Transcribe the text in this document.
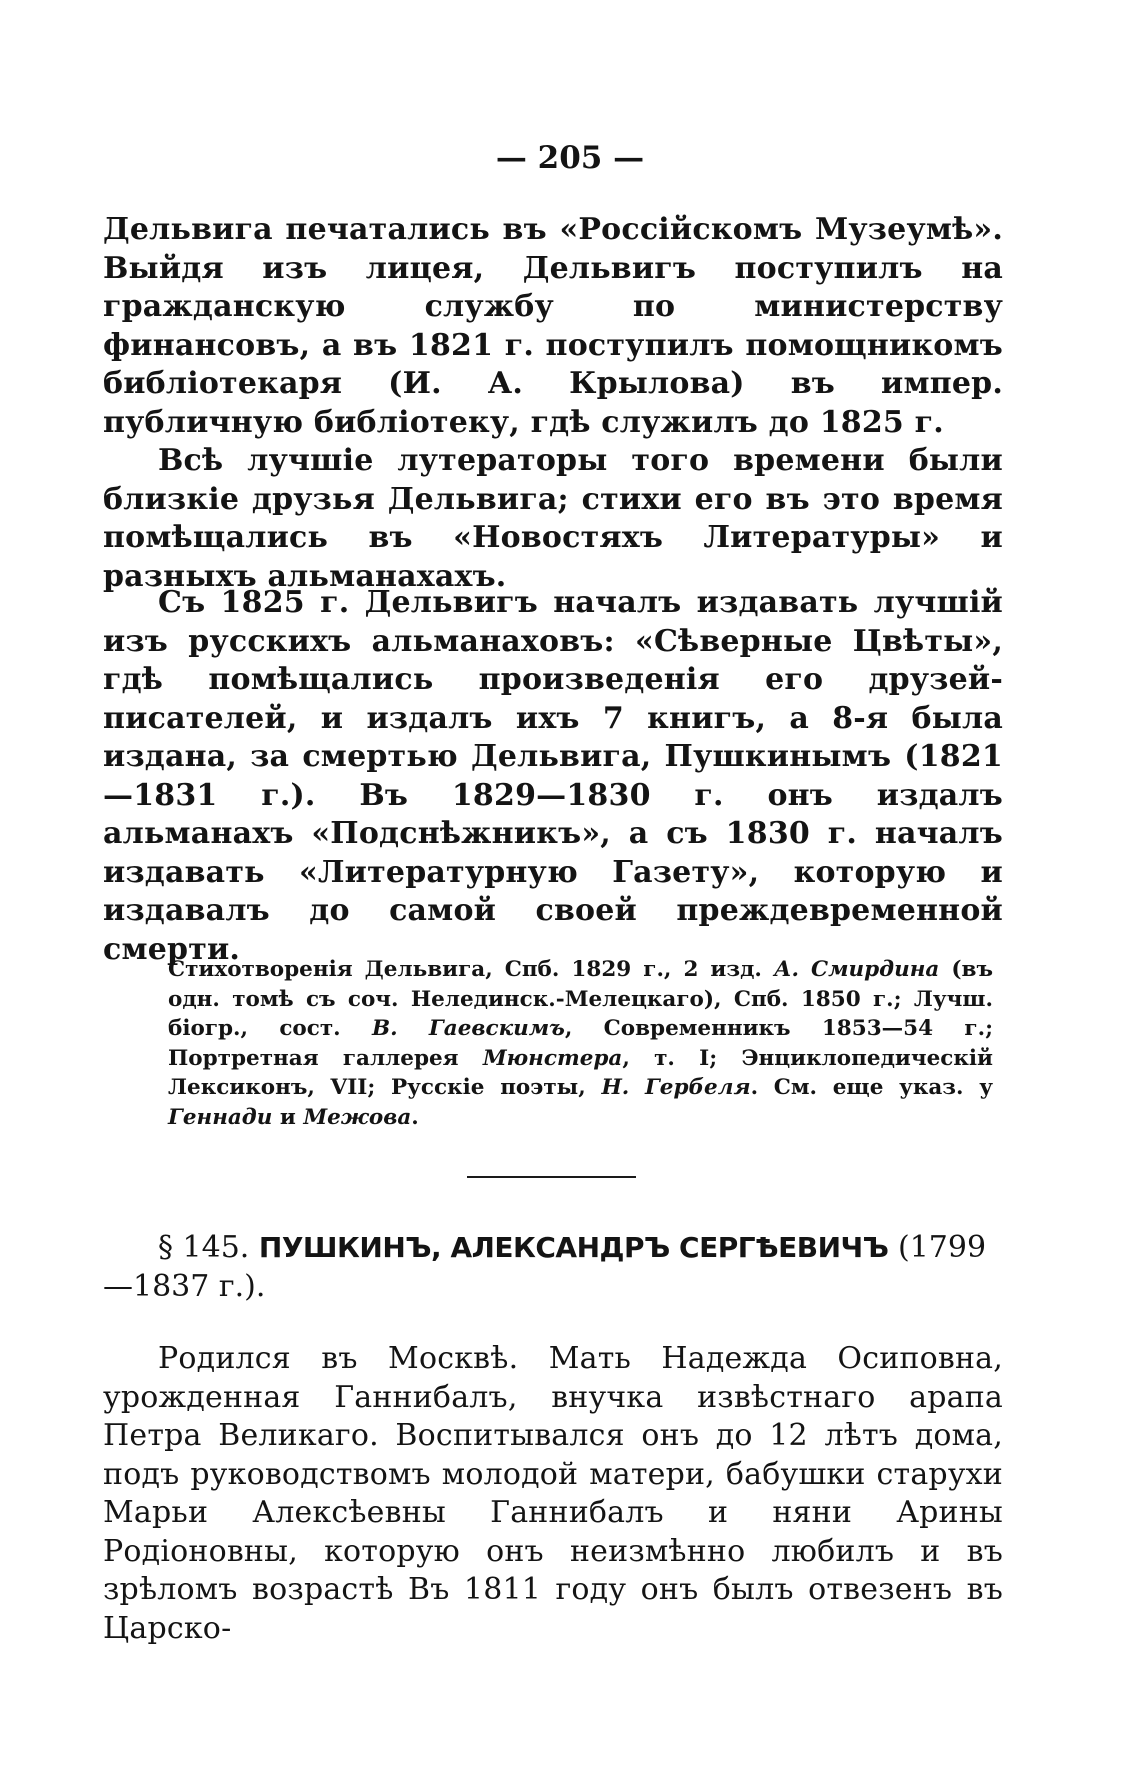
— 205 —

Дельвига печатались въ «Россійскомъ Музеумѣ». Выйдя изъ лицея, Дельвигъ поступилъ на гражданскую службу по министерству финансовъ, а въ 1821 г. поступилъ помощникомъ библіотекаря (И. А. Крылова) въ импер. публичную библіотеку, гдѣ служилъ до 1825 г.

Всѣ лучшіе лутераторы того времени были близкіе друзья Дельвига; стихи его въ это время помѣщались въ «Новостяхъ Литературы» и разныхъ альманахахъ.

Съ 1825 г. Дельвигъ началъ издавать лучшій изъ русскихъ альманаховъ: «Сѣверные Цвѣты», гдѣ помѣщались произведенія его друзей-писателей, и издалъ ихъ 7 книгъ, а 8-я была издана, за смертью Дельвига, Пушкинымъ (1821—1831 г.). Въ 1829—1830 г. онъ издалъ альманахъ «Подснѣжникъ», а съ 1830 г. началъ издавать «Литературную Газету», которую и издавалъ до самой своей преждевременной смерти.

Стихотворенія Дельвига, Спб. 1829 г., 2 изд. А. Смирдина (въ одн. томѣ съ соч. Нелединск.-Мелецкаго), Спб. 1850 г.; Лучш. біогр., сост. В. Гаевскимъ, Современникъ 1853—54 г.; Портретная галлерея Мюнстера, т. I; Энциклопедическій Лексиконъ, VII; Русскіе поэты, Н. Гербеля. См. еще указ. у Геннади и Межова.

§ 145. ПУШКИНЪ, АЛЕКСАНДРЪ СЕРГѢЕВИЧЪ (1799—1837 г.).

Родился въ Москвѣ. Мать Надежда Осиповна, урожденная Ганнибалъ, внучка извѣстнаго арапа Петра Великаго. Воспитывался онъ до 12 лѣтъ дома, подъ руководствомъ молодой матери, бабушки старухи Марьи Алексѣевны Ганнибалъ и няни Арины Родіоновны, которую онъ неизмѣнно любилъ и въ зрѣломъ возрастѣ Въ 1811 году онъ былъ отвезенъ въ Царско-
